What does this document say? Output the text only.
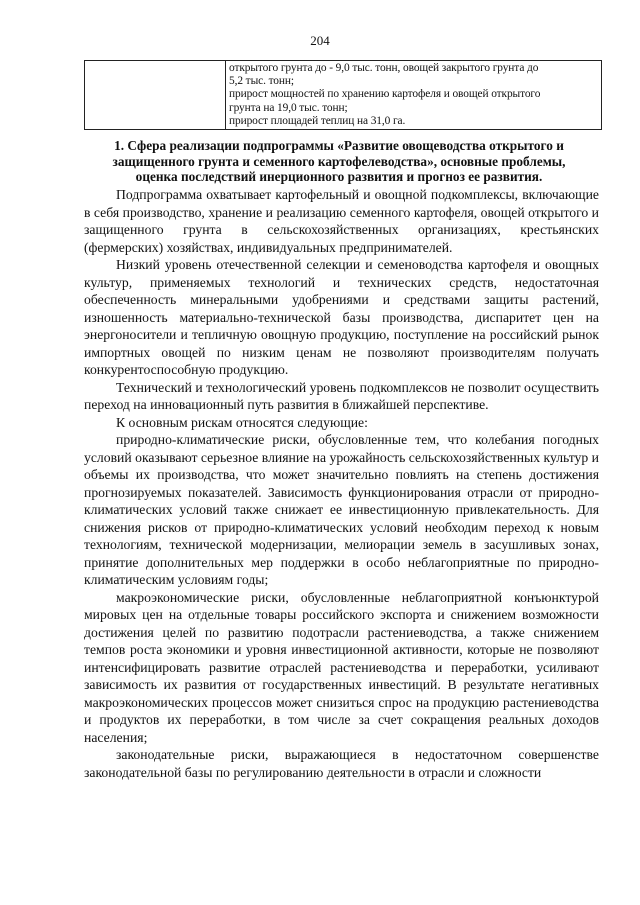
204

открытого грунта до - 9,0 тыс. тонн, овощей закрытого грунта до
5,2 тыс. тонн;
прирост мощностей по хранению картофеля и овощей открытого
грунта на 19,0 тыс. тонн;
прирост площадей теплиц на 31,0 га.
1. Сфера реализации подпрограммы «Развитие овощеводства открытого и
защищенного грунта и семенного картофелеводства», основные проблемы,
оценка последствий инерционного развития и прогноз ее развития.

Подпрограмма охватывает картофельный и овощной подкомплексы, включающие в себя производство, хранение и реализацию семенного картофеля, овощей открытого и защищенного грунта в сельскохозяйственных организациях, крестьянских (фермерских) хозяйствах, индивидуальных предпринимателей.

Низкий уровень отечественной селекции и семеноводства картофеля и овощных культур, применяемых технологий и технических средств, недостаточная обеспеченность минеральными удобрениями и средствами защиты растений, изношенность материально-технической базы производства, диспаритет цен на энергоносители и тепличную овощную продукцию, поступление на российский рынок импортных овощей по низким ценам не позволяют производителям получать конкурентоспособную продукцию.

Технический и технологический уровень подкомплексов не позволит осуществить переход на инновационный путь развития в ближайшей перспективе.

К основным рискам относятся следующие:

природно-климатические риски, обусловленные тем, что колебания погодных условий оказывают серьезное влияние на урожайность сельскохозяйственных культур и объемы их производства, что может значительно повлиять на степень достижения прогнозируемых показателей. Зависимость функционирования отрасли от природно-климатических условий также снижает ее инвестиционную привлекательность. Для снижения рисков от природно-климатических условий необходим переход к новым технологиям, технической модернизации, мелиорации земель в засушливых зонах, принятие дополнительных мер поддержки в особо неблагоприятные по природно-климатическим условиям годы;

макроэкономические риски, обусловленные неблагоприятной конъюнктурой мировых цен на отдельные товары российского экспорта и снижением возможности достижения целей по развитию подотрасли растениеводства, а также снижением темпов роста экономики и уровня инвестиционной активности, которые не позволяют интенсифицировать развитие отраслей растениеводства и переработки, усиливают зависимость их развития от государственных инвестиций. В результате негативных макроэкономических процессов может снизиться спрос на продукцию растениеводства и продуктов их переработки, в том числе за счет сокращения реальных доходов населения;

законодательные риски, выражающиеся в недостаточном совершенстве законодательной базы по регулированию деятельности в отрасли и сложности
